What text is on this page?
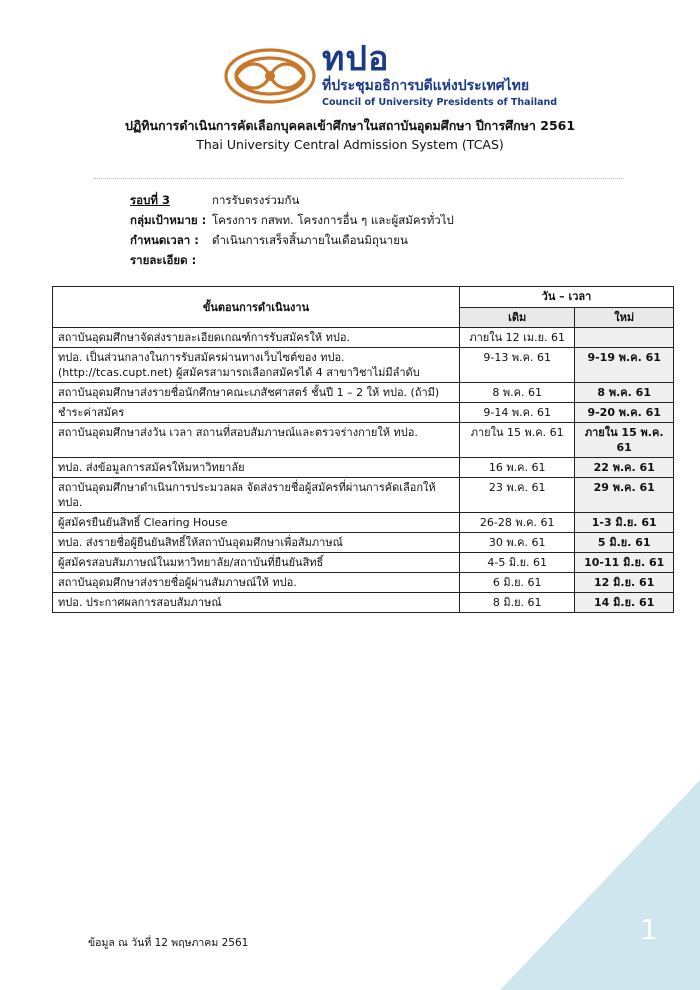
ทปอ
ที่ประชุมอธิการบดีแห่งประเทศไทย
Council of University Presidents of Thailand
ปฏิทินการดำเนินการคัดเลือกบุคคลเข้าศึกษาในสถาบันอุดมศึกษา ปีการศึกษา 2561
Thai University Central Admission System (TCAS)
รอบที่ 3	การรับตรงร่วมกัน
กลุ่มเป้าหมาย : โครงการ กสพท. โครงการอื่น ๆ และผู้สมัครทั่วไป
กำหนดเวลา : ดำเนินการเสร็จสิ้นภายในเดือนมิถุนายน
รายละเอียด :
ขั้นตอนการดำเนินงาน	วัน – เวลา	
	เดิม	ใหม่
สถาบันอุดมศึกษาจัดส่งรายละเอียดเกณฑ์การรับสมัครให้ ทปอ.	ภายใน 12 เม.ย. 61	
ทปอ. เป็นส่วนกลางในการรับสมัครผ่านทางเว็บไซต์ของ ทปอ. (http://tcas.cupt.net) ผู้สมัครสามารถเลือกสมัครได้ 4 สาขาวิชาไม่มีลำดับ	9-13 พ.ค. 61	9-19 พ.ค. 61
สถาบันอุดมศึกษาส่งรายชื่อนักศึกษาคณะเภสัชศาสตร์ ชั้นปี 1 – 2 ให้ ทปอ. (ถ้ามี)	8 พ.ค. 61	8 พ.ค. 61
ชำระค่าสมัคร	9-14 พ.ค. 61	9-20 พ.ค. 61
สถาบันอุดมศึกษาส่งวัน เวลา สถานที่สอบสัมภาษณ์และตรวจร่างกายให้ ทปอ.	ภายใน 15 พ.ค. 61	ภายใน 15 พ.ค. 61
ทปอ. ส่งข้อมูลการสมัครให้มหาวิทยาลัย	16 พ.ค. 61	22 พ.ค. 61
สถาบันอุดมศึกษาดำเนินการประมวลผล จัดส่งรายชื่อผู้สมัครที่ผ่านการคัดเลือกให้ ทปอ.	23 พ.ค. 61	29 พ.ค. 61
ผู้สมัครยืนยันสิทธิ์ Clearing House	26-28 พ.ค. 61	1-3 มิ.ย. 61
ทปอ. ส่งรายชื่อผู้ยืนยันสิทธิ์ให้สถาบันอุดมศึกษาเพื่อสัมภาษณ์	30 พ.ค. 61	5 มิ.ย. 61
ผู้สมัครสอบสัมภาษณ์ในมหาวิทยาลัย/สถาบันที่ยืนยันสิทธิ์	4-5 มิ.ย. 61	10-11 มิ.ย. 61
สถาบันอุดมศึกษาส่งรายชื่อผู้ผ่านสัมภาษณ์ให้ ทปอ.	6 มิ.ย. 61	12 มิ.ย. 61
ทปอ. ประกาศผลการสอบสัมภาษณ์	8 มิ.ย. 61	14 มิ.ย. 61
1
ข้อมูล ณ วันที่ 12 พฤษภาคม 2561
